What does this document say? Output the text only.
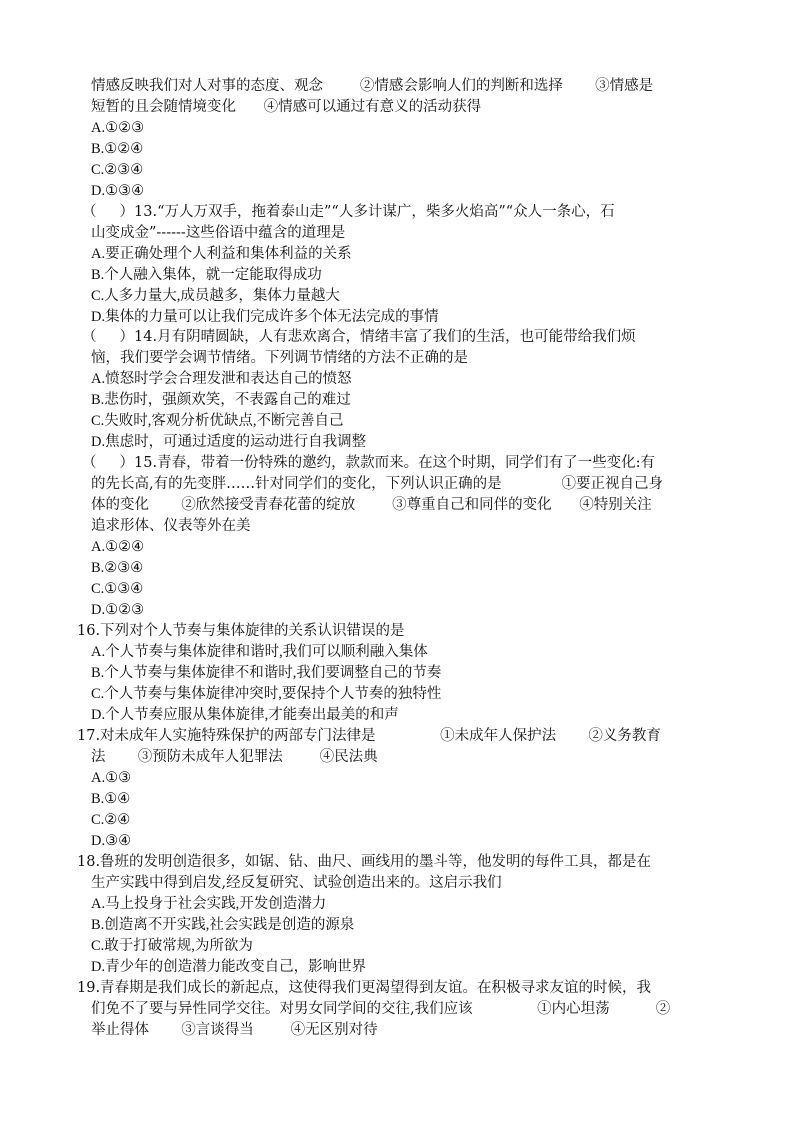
情感反映我们对人对事的态度、观念        ②情感会影响人们的判断和选择       ③情感是
短暂的且会随情境变化      ④情感可以通过有意义的活动获得
A.①②③
B.①②④
C.②③④
D.①③④
（     ）13.“万人万双手，拖着泰山走”“人多计谋广，柴多火焰高”“众人一条心，石
山变成金”------这些俗语中蕴含的道理是
A.要正确处理个人利益和集体利益的关系
B.个人融入集体，就一定能取得成功
C.人多力量大,成员越多，集体力量越大
D.集体的力量可以让我们完成许多个体无法完成的事情
（     ）14.月有阴晴圆缺，人有悲欢离合，情绪丰富了我们的生活，也可能带给我们烦
恼，我们要学会调节情绪。下列调节情绪的方法不正确的是
A.愤怒时学会合理发泄和表达自己的愤怒
B.悲伤时，强颜欢笑，不表露自己的难过
C.失败时,客观分析优缺点,不断完善自己
D.焦虑时，可通过适度的运动进行自我调整
（     ）15.青春，带着一份特殊的邀约，款款而来。在这个时期，同学们有了一些变化:有
的先长高,有的先变胖……针对同学们的变化，下列认识正确的是             ①要正视自己身
体的变化       ②欣然接受青春花蕾的绽放        ③尊重自己和同伴的变化      ④特别关注
追求形体、仪表等外在美
A.①②④
B.②③④
C.①③④
D.①②③
16.下列对个人节奏与集体旋律的关系认识错误的是
A.个人节奏与集体旋律和谐时,我们可以顺利融入集体
B.个人节奏与集体旋律不和谐时,我们要调整自己的节奏
C.个人节奏与集体旋律冲突时,要保持个人节奏的独特性
D.个人节奏应服从集体旋律,才能奏出最美的和声
17.对未成年人实施特殊保护的两部专门法律是              ①未成年人保护法       ②义务教育
法       ③预防未成年人犯罪法        ④民法典
A.①③
B.①④
C.②④
D.③④
18.鲁班的发明创造很多，如锯、钻、曲尺、画线用的墨斗等，他发明的每件工具，都是在
生产实践中得到启发,经反复研究、试验创造出来的。这启示我们
A.马上投身于社会实践,开发创造潜力
B.创造离不开实践,社会实践是创造的源泉
C.敢于打破常规,为所欲为
D.青少年的创造潜力能改变自己，影响世界
19.青春期是我们成长的新起点，这使得我们更渴望得到友谊。在积极寻求友谊的时候，我
们免不了要与异性同学交往。对男女同学间的交往,我们应该              ①内心坦荡          ②
举止得体       ③言谈得当        ④无区别对待
